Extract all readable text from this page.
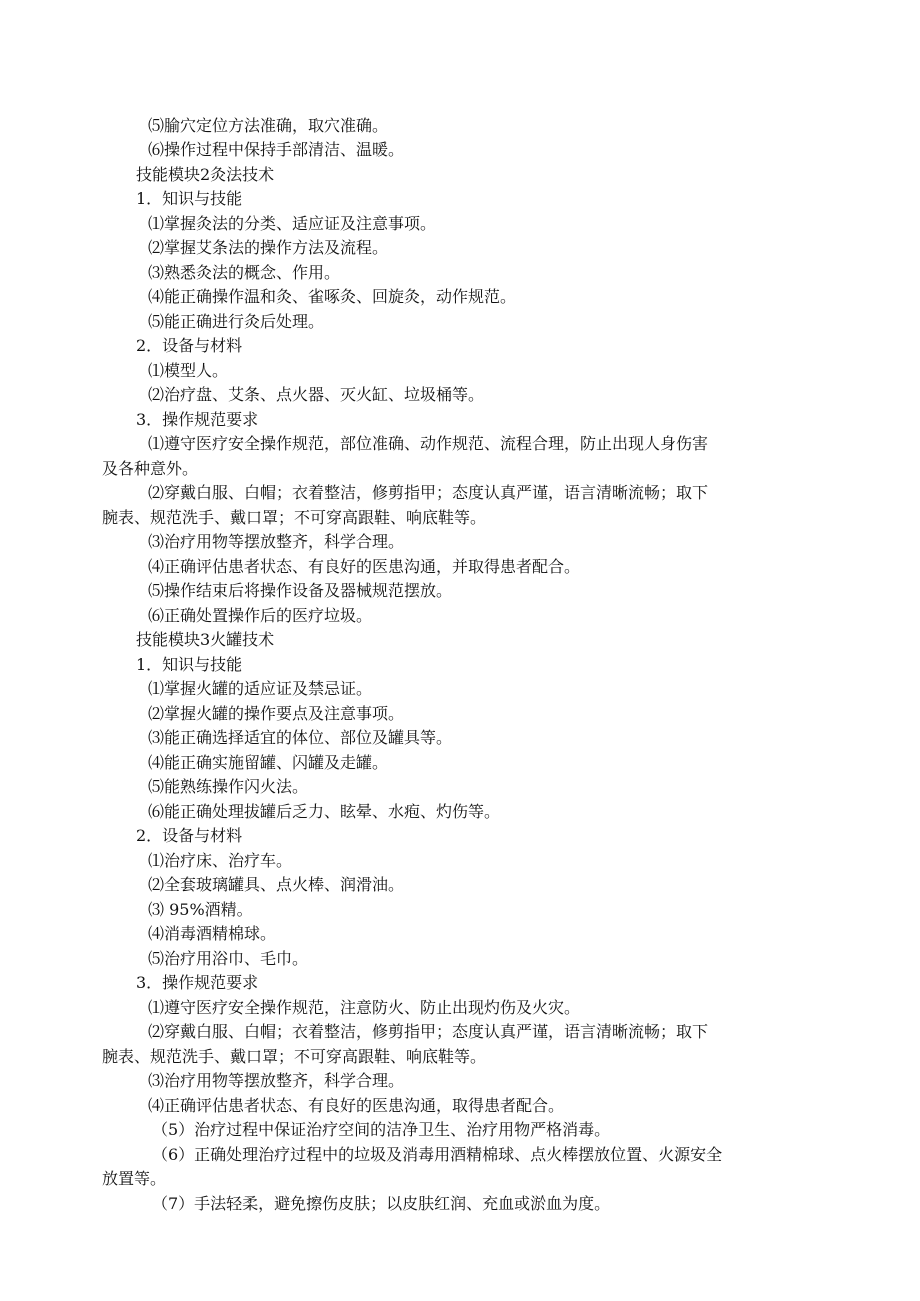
⑸腧穴定位方法准确，取穴准确。
⑹操作过程中保持手部清洁、温暖。
技能模块2灸法技术
1．知识与技能
⑴掌握灸法的分类、适应证及注意事项。
⑵掌握艾条法的操作方法及流程。
⑶熟悉灸法的概念、作用。
⑷能正确操作温和灸、雀啄灸、回旋灸，动作规范。
⑸能正确进行灸后处理。
2．设备与材料
⑴模型人。
⑵治疗盘、艾条、点火器、灭火缸、垃圾桶等。
3．操作规范要求
⑴遵守医疗安全操作规范，部位准确、动作规范、流程合理，防止出现人身伤害
及各种意外。
⑵穿戴白服、白帽；衣着整洁，修剪指甲；态度认真严谨，语言清晰流畅；取下
腕表、规范洗手、戴口罩；不可穿高跟鞋、响底鞋等。
⑶治疗用物等摆放整齐，科学合理。
⑷正确评估患者状态、有良好的医患沟通，并取得患者配合。
⑸操作结束后将操作设备及器械规范摆放。
⑹正确处置操作后的医疗垃圾。
技能模块3火罐技术
1．知识与技能
⑴掌握火罐的适应证及禁忌证。
⑵掌握火罐的操作要点及注意事项。
⑶能正确选择适宜的体位、部位及罐具等。
⑷能正确实施留罐、闪罐及走罐。
⑸能熟练操作闪火法。
⑹能正确处理拔罐后乏力、眩晕、水疱、灼伤等。
2．设备与材料
⑴治疗床、治疗车。
⑵全套玻璃罐具、点火棒、润滑油。
⑶ 95%酒精。
⑷消毒酒精棉球。
⑸治疗用浴巾、毛巾。
3．操作规范要求
⑴遵守医疗安全操作规范，注意防火、防止出现灼伤及火灾。
⑵穿戴白服、白帽；衣着整洁，修剪指甲；态度认真严谨，语言清晰流畅；取下
腕表、规范洗手、戴口罩；不可穿高跟鞋、响底鞋等。
⑶治疗用物等摆放整齐，科学合理。
⑷正确评估患者状态、有良好的医患沟通，取得患者配合。
（5）治疗过程中保证治疗空间的洁净卫生、治疗用物严格消毒。
（6）正确处理治疗过程中的垃圾及消毒用酒精棉球、点火棒摆放位置、火源安全
放置等。
（7）手法轻柔，避免擦伤皮肤；以皮肤红润、充血或淤血为度。
